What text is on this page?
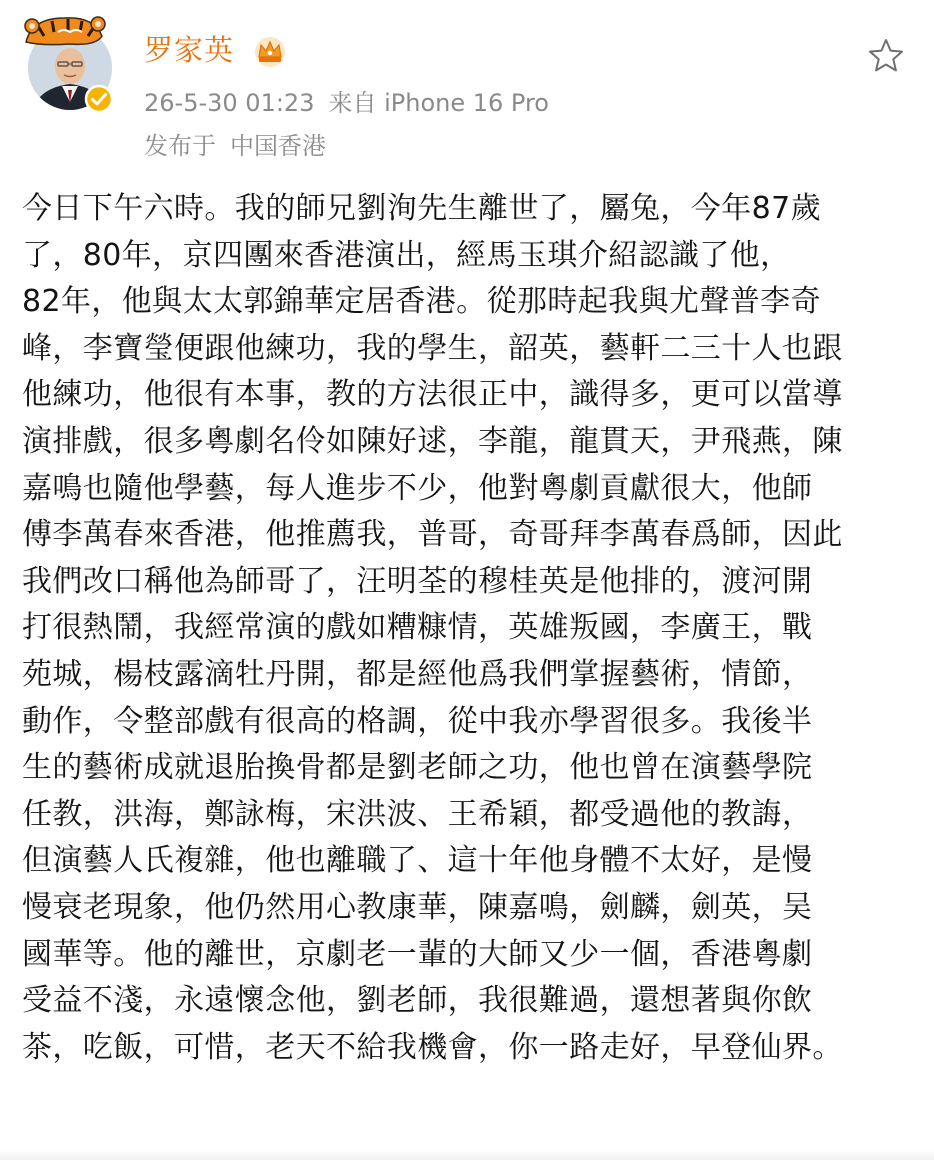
罗家英
26-5-30 01:23 来自 iPhone 16 Pro
发布于 中国香港
今日下午六時。我的師兄劉洵先生離世了，屬兔，今年87歲
了，80年，京四團來香港演出，經馬玉琪介紹認識了他，
82年，他與太太郭錦華定居香港。從那時起我與尤聲普李奇
峰，李寶瑩便跟他練功，我的學生，韶英，藝軒二三十人也跟
他練功，他很有本事，教的方法很正中，識得多，更可以當導
演排戲，很多粵劇名伶如陳好逑，李龍，龍貫天，尹飛燕，陳
嘉鳴也隨他學藝，每人進步不少，他對粵劇貢獻很大，他師
傅李萬春來香港，他推薦我，普哥，奇哥拜李萬春爲師，因此
我們改口稱他為師哥了，汪明荃的穆桂英是他排的，渡河開
打很熱鬧，我經常演的戲如糟糠情，英雄叛國，李廣王，戰
苑城，楊枝露滴牡丹開，都是經他爲我們掌握藝術，情節，
動作，令整部戲有很高的格調，從中我亦學習很多。我後半
生的藝術成就退胎換骨都是劉老師之功，他也曾在演藝學院
任教，洪海，鄭詠梅，宋洪波、王希穎，都受過他的教誨，
但演藝人氏複雜，他也離職了、這十年他身體不太好，是慢
慢衰老現象，他仍然用心教康華，陳嘉鳴，劍麟，劍英，吴
國華等。他的離世，京劇老一輩的大師又少一個，香港粵劇
受益不淺，永遠懷念他，劉老師，我很難過，還想著與你飲
茶，吃飯，可惜，老天不給我機會，你一路走好，早登仙界。
